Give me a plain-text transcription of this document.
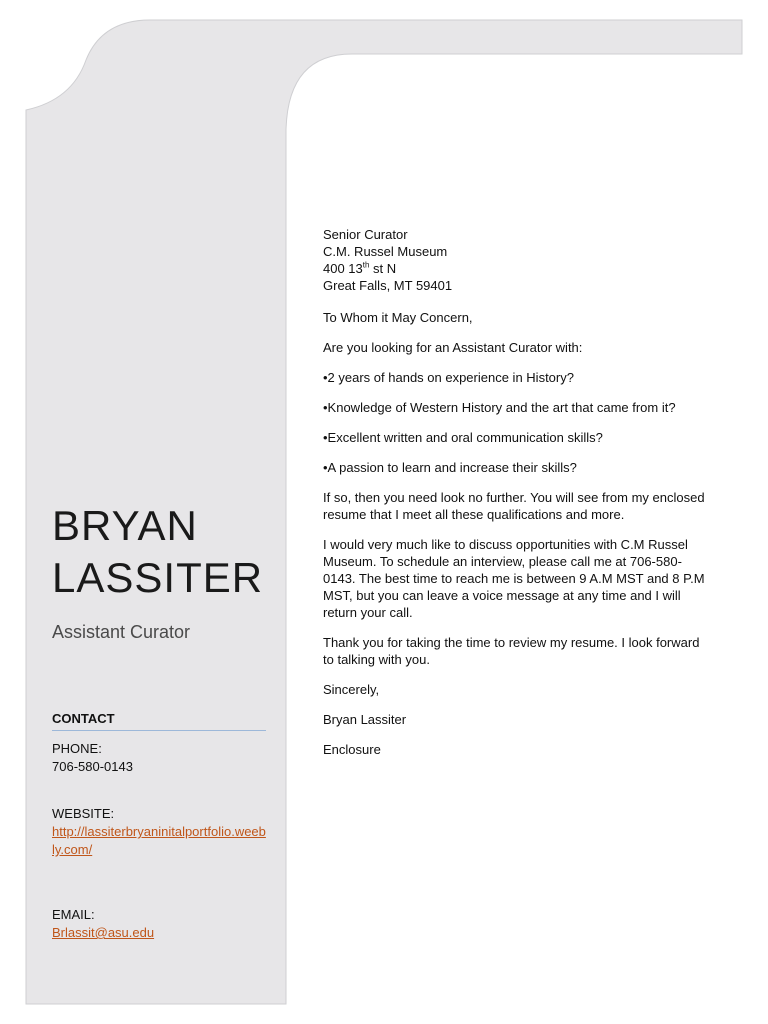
BRYAN
LASSITER
Assistant Curator
CONTACT
PHONE:
706-580-0143
WEBSITE:
http://lassiterbryaninitalportfolio.weebly.com/
EMAIL:
Brlassit@asu.edu

Senior Curator

C.M. Russel Museum

400 13th st N

Great Falls, MT 59401

To Whom it May Concern,

Are you looking for an Assistant Curator with:

•2 years of hands on experience in History?

•Knowledge of Western History and the art that came from it?

•Excellent written and oral communication skills?

•A passion to learn and increase their skills?

If so, then you need look no further. You will see from my enclosed resume that I meet all these qualifications and more.

I would very much like to discuss opportunities with C.M Russel Museum. To schedule an interview, please call me at 706-580-0143. The best time to reach me is between 9 A.M MST and 8 P.M MST, but you can leave a voice message at any time and I will return your call.

Thank you for taking the time to review my resume. I look forward to talking with you.

Sincerely,

Bryan Lassiter

Enclosure
